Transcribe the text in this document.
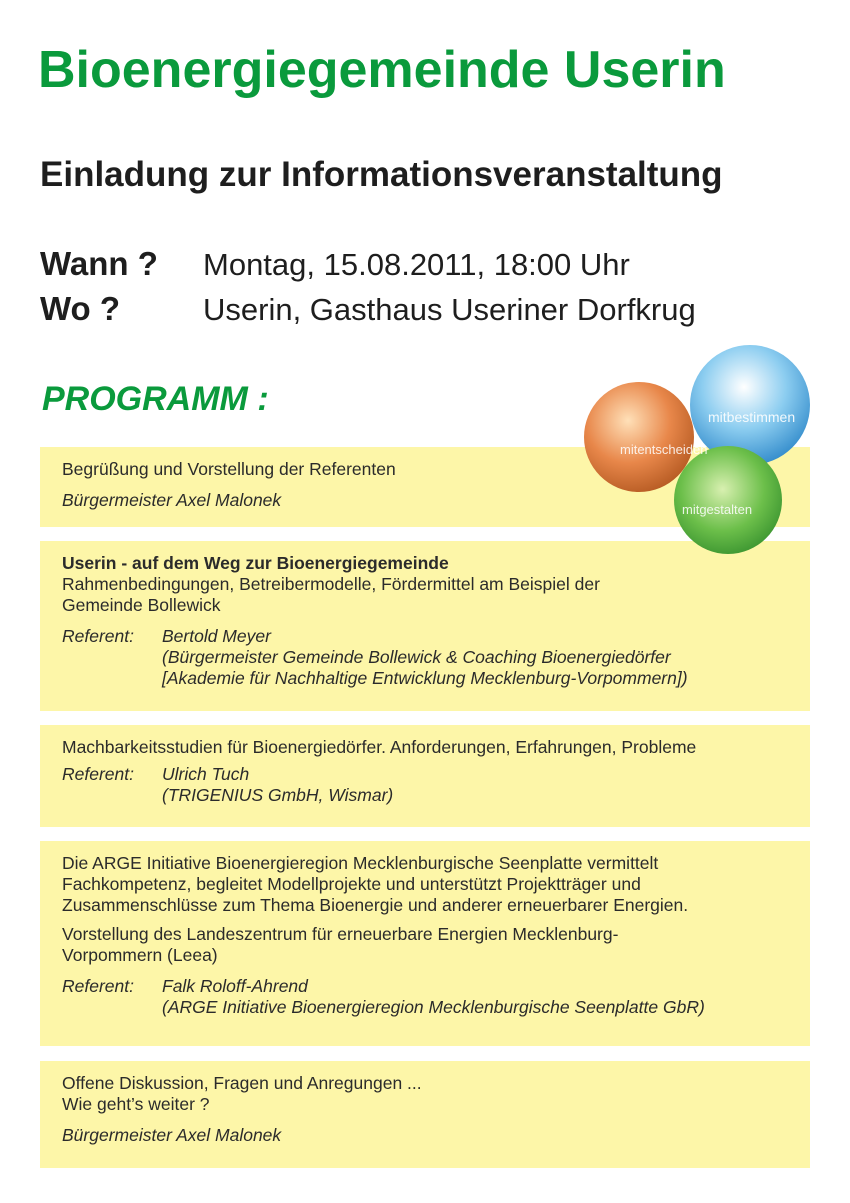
Bioenergiegemeinde Userin
Einladung zur Informationsveranstaltung
Wann ? Montag, 15.08.2011, 18:00 Uhr
Wo ?	Userin, Gasthaus Useriner Dorfkrug
PROGRAMM :
Begrüßung und Vorstellung der Referenten
Bürgermeister Axel Malonek
Userin - auf dem Weg zur Bioenergiegemeinde
Rahmenbedingungen, Betreibermodelle, Fördermittel am Beispiel der
Gemeinde Bollewick
Referent:	Bertold Meyer
(Bürgermeister Gemeinde Bollewick & Coaching Bioenergiedörfer
[Akademie für Nachhaltige Entwicklung Mecklenburg-Vorpommern])
Machbarkeitsstudien für Bioenergiedörfer. Anforderungen, Erfahrungen, Probleme
Referent:	Ulrich Tuch
(TRIGENIUS GmbH, Wismar)
Die ARGE Initiative Bioenergieregion Mecklenburgische Seenplatte vermittelt
Fachkompetenz, begleitet Modellprojekte und unterstützt Projektträger und
Zusammenschlüsse zum Thema Bioenergie und anderer erneuerbarer Energien.
Vorstellung des Landeszentrum für erneuerbare Energien Mecklenburg-
Vorpommern (Leea)
Referent:	Falk Roloff-Ahrend
(ARGE Initiative Bioenergieregion Mecklenburgische Seenplatte GbR)
Offene Diskussion, Fragen und Anregungen ...
Wie geht’s weiter ?
Bürgermeister Axel Malonek
mitentscheiden
mitbestimmen
mitgestalten
